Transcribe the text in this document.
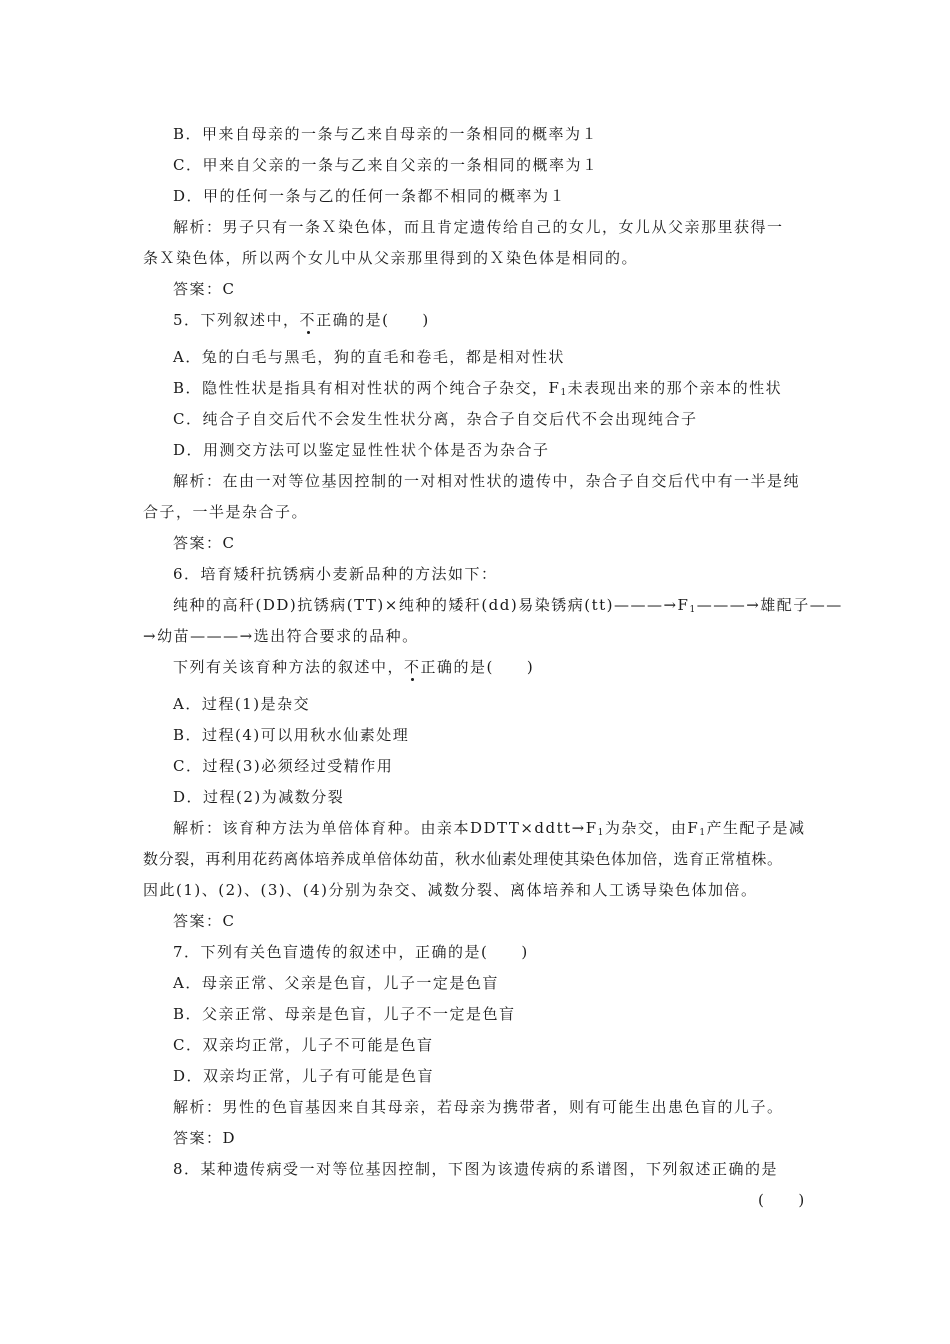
B．甲来自母亲的一条与乙来自母亲的一条相同的概率为１
C．甲来自父亲的一条与乙来自父亲的一条相同的概率为１
D．甲的任何一条与乙的任何一条都不相同的概率为１
解析：男子只有一条Ｘ染色体，而且肯定遗传给自己的女儿，女儿从父亲那里获得一
条Ｘ染色体，所以两个女儿中从父亲那里得到的Ｘ染色体是相同的。
答案：C
5．下列叙述中，不正确的是(　　)
A．兔的白毛与黑毛，狗的直毛和卷毛，都是相对性状
B．隐性性状是指具有相对性状的两个纯合子杂交，$F_1$未表现出来的那个亲本的性状
C．纯合子自交后代不会发生性状分离，杂合子自交后代不会出现纯合子
D．用测交方法可以鉴定显性性状个体是否为杂合子
解析：在由一对等位基因控制的一对相对性状的遗传中，杂合子自交后代中有一半是纯
合子，一半是杂合子。
答案：C
6．培育矮秆抗锈病小麦新品种的方法如下：
纯种的高秆(DD)抗锈病(TT)×纯种的矮秆(dd)易染锈病$(tt)———\to F_1———\to$雄配子——
→幼苗———→选出符合要求的品种。
下列有关该育种方法的叙述中，不正确的是(　　)
A．过程(1)是杂交
B．过程(4)可以用秋水仙素处理
C．过程(3)必须经过受精作用
D．过程(2)为减数分裂
解析：该育种方法为单倍体育种。由亲本$DDTT\times ddtt\to F_1$为杂交，由$F_1$产生配子是减
数分裂，再利用花药离体培养成单倍体幼苗，秋水仙素处理使其染色体加倍，选育正常植株。
因此(1)、(2)、(3)、(4)分别为杂交、减数分裂、离体培养和人工诱导染色体加倍。
答案：C
7．下列有关色盲遗传的叙述中，正确的是(　　)
A．母亲正常、父亲是色盲，儿子一定是色盲
B．父亲正常、母亲是色盲，儿子不一定是色盲
C．双亲均正常，儿子不可能是色盲
D．双亲均正常，儿子有可能是色盲
解析：男性的色盲基因来自其母亲，若母亲为携带者，则有可能生出患色盲的儿子。
答案：D
8．某种遗传病受一对等位基因控制，下图为该遗传病的系谱图，下列叙述正确的是
(　　)
